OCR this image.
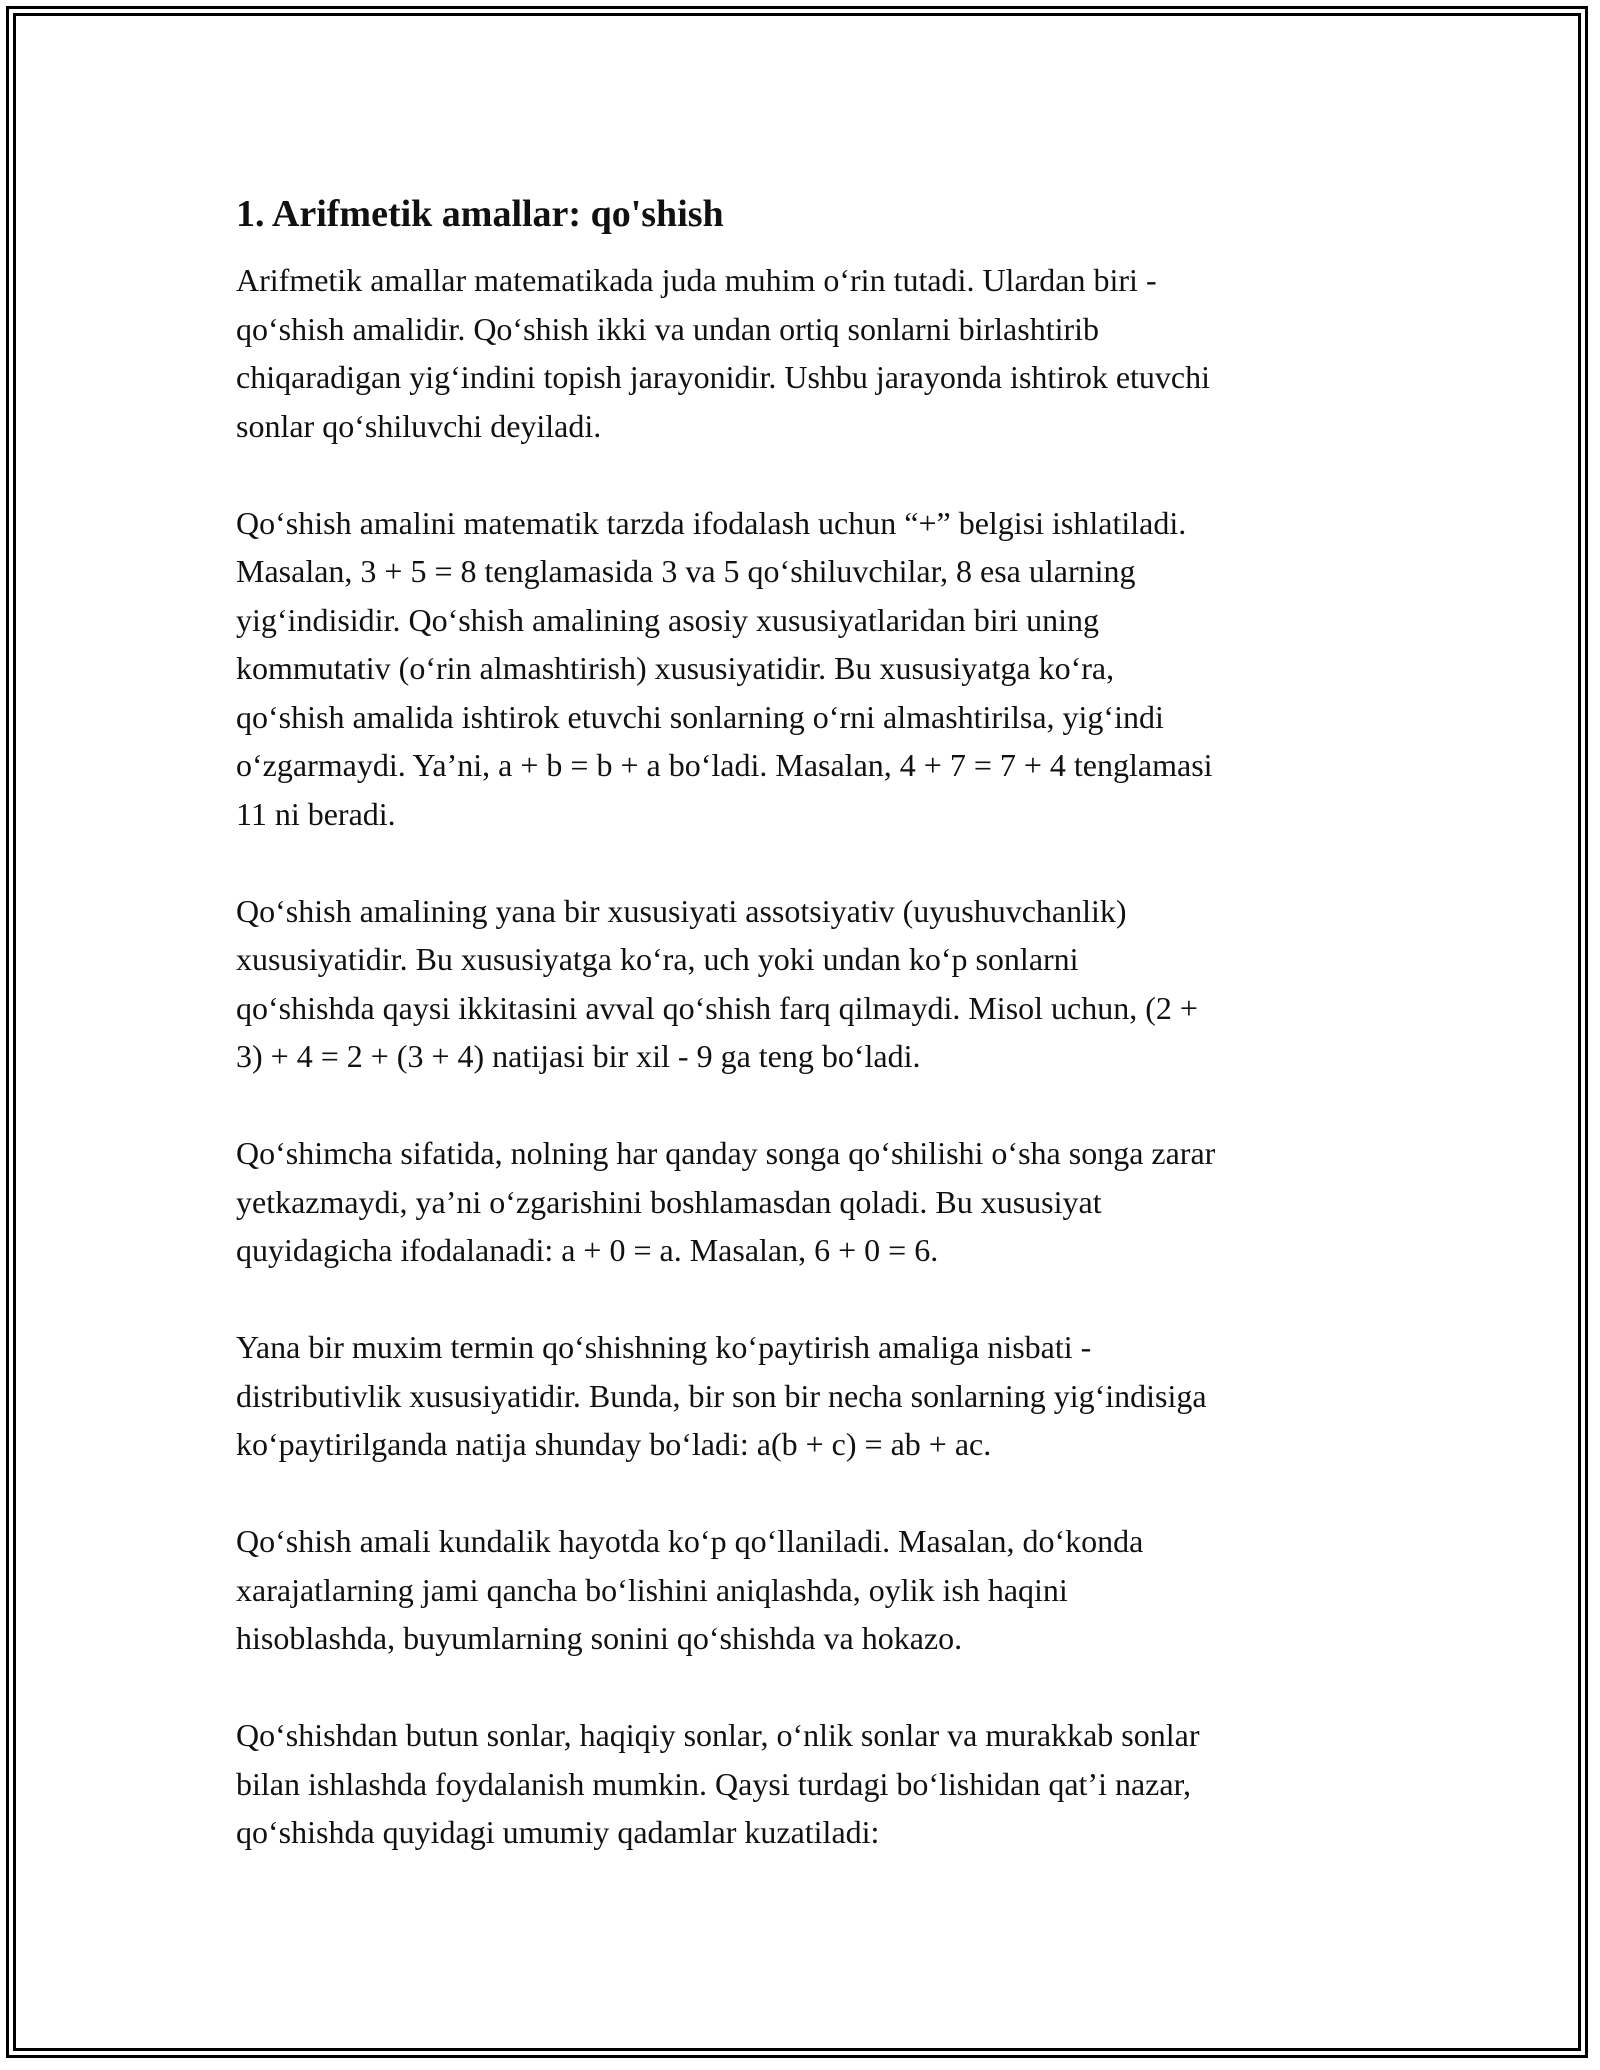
1. Arifmetik amallar: qo'shish

Arifmetik amallar matematikada juda muhim o‘rin tutadi. Ulardan biri -
qo‘shish amalidir. Qo‘shish ikki va undan ortiq sonlarni birlashtirib
chiqaradigan yig‘indini topish jarayonidir. Ushbu jarayonda ishtirok etuvchi
sonlar qo‘shiluvchi deyiladi.

Qo‘shish amalini matematik tarzda ifodalash uchun “+” belgisi ishlatiladi.
Masalan, 3 + 5 = 8 tenglamasida 3 va 5 qo‘shiluvchilar, 8 esa ularning
yig‘indisidir. Qo‘shish amalining asosiy xususiyatlaridan biri uning
kommutativ (o‘rin almashtirish) xususiyatidir. Bu xususiyatga ko‘ra,
qo‘shish amalida ishtirok etuvchi sonlarning o‘rni almashtirilsa, yig‘indi
o‘zgarmaydi. Ya’ni, a + b = b + a bo‘ladi. Masalan, 4 + 7 = 7 + 4 tenglamasi
11 ni beradi.

Qo‘shish amalining yana bir xususiyati assotsiyativ (uyushuvchanlik)
xususiyatidir. Bu xususiyatga ko‘ra, uch yoki undan ko‘p sonlarni
qo‘shishda qaysi ikkitasini avval qo‘shish farq qilmaydi. Misol uchun, (2 +
3) + 4 = 2 + (3 + 4) natijasi bir xil - 9 ga teng bo‘ladi.

Qo‘shimcha sifatida, nolning har qanday songa qo‘shilishi o‘sha songa zarar
yetkazmaydi, ya’ni o‘zgarishini boshlamasdan qoladi. Bu xususiyat
quyidagicha ifodalanadi: a + 0 = a. Masalan, 6 + 0 = 6.

Yana bir muxim termin qo‘shishning ko‘paytirish amaliga nisbati -
distributivlik xususiyatidir. Bunda, bir son bir necha sonlarning yig‘indisiga
ko‘paytirilganda natija shunday bo‘ladi: a(b + c) = ab + ac.

Qo‘shish amali kundalik hayotda ko‘p qo‘llaniladi. Masalan, do‘konda
xarajatlarning jami qancha bo‘lishini aniqlashda, oylik ish haqini
hisoblashda, buyumlarning sonini qo‘shishda va hokazo.

Qo‘shishdan butun sonlar, haqiqiy sonlar, o‘nlik sonlar va murakkab sonlar
bilan ishlashda foydalanish mumkin. Qaysi turdagi bo‘lishidan qat’i nazar,
qo‘shishda quyidagi umumiy qadamlar kuzatiladi:
